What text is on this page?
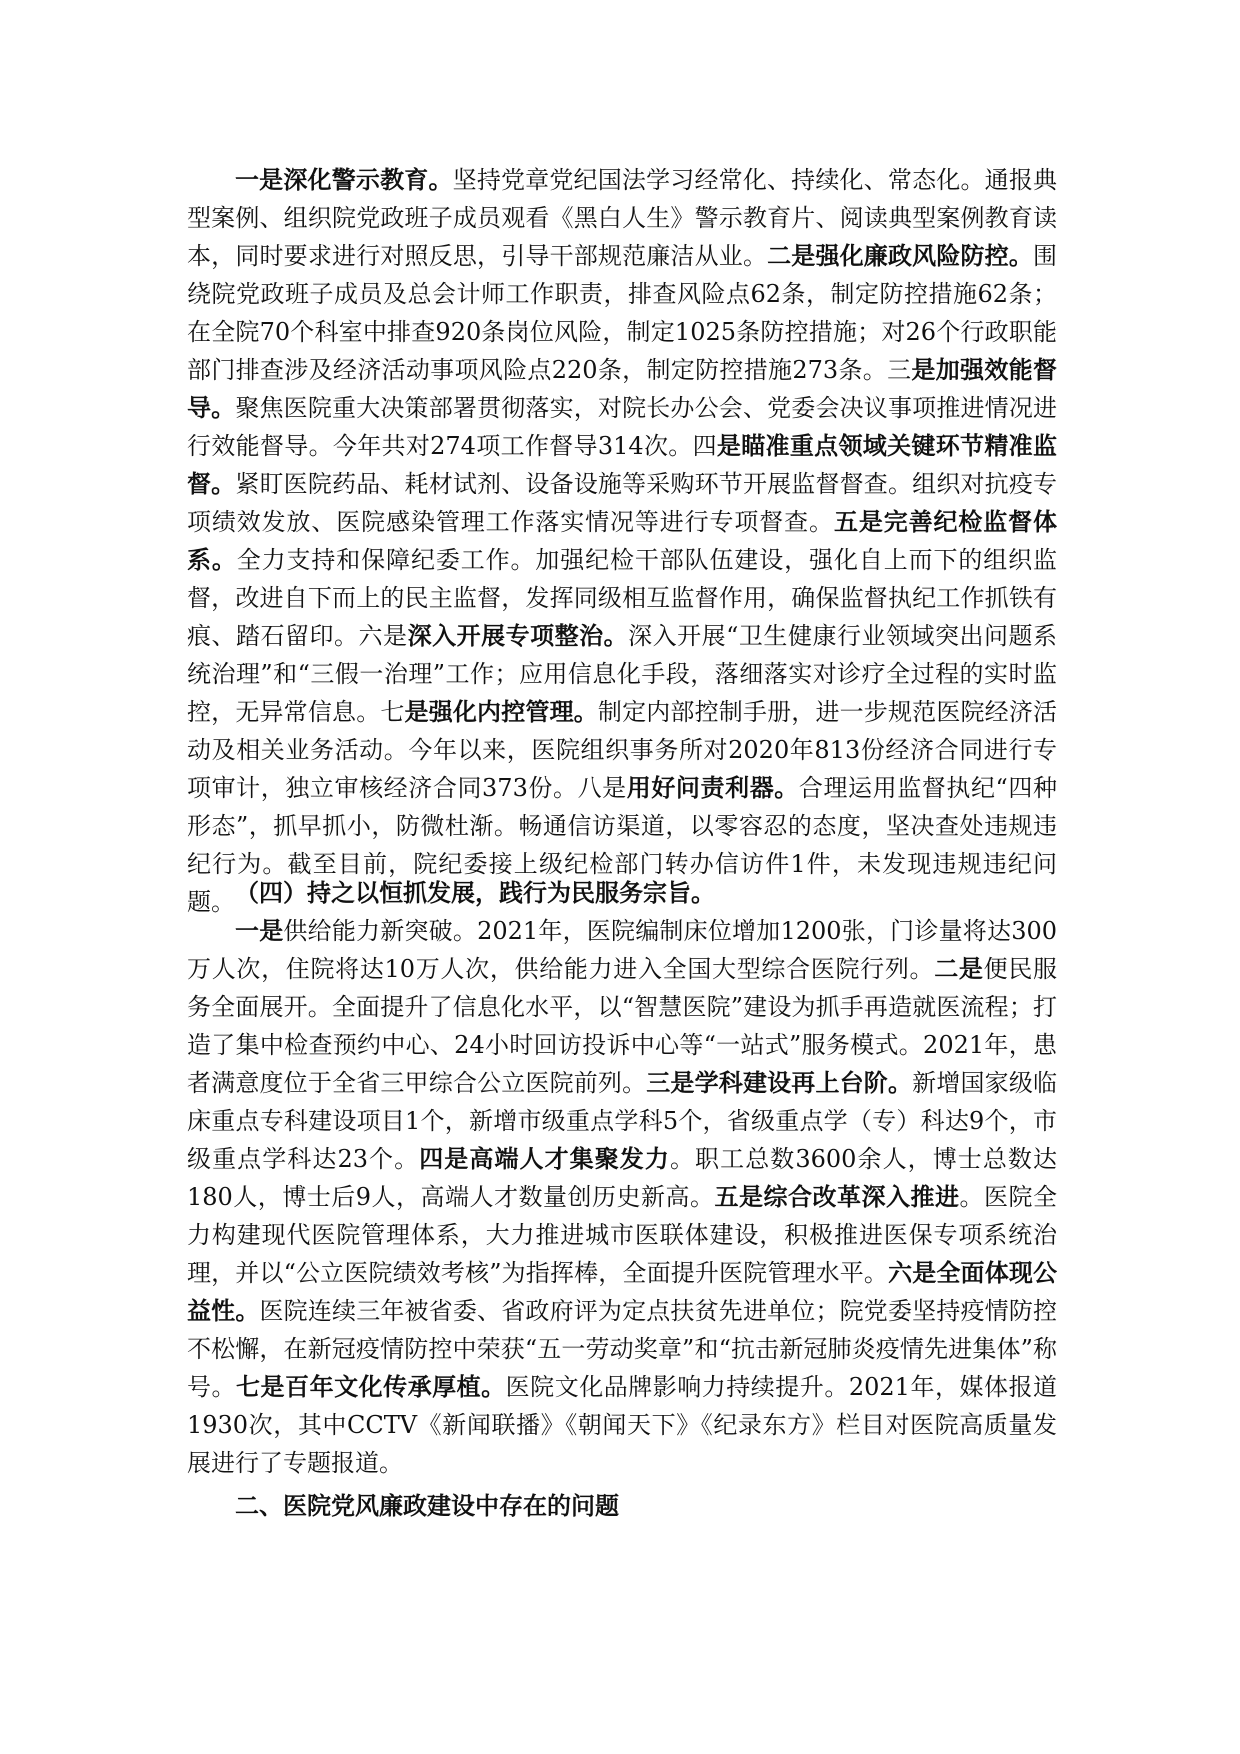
一是深化警示教育。坚持党章党纪国法学习经常化、持续化、常态化。通报典型案例、组织院党政班子成员观看《黑白人生》警示教育片、阅读典型案例教育读本，同时要求进行对照反思，引导干部规范廉洁从业。二是强化廉政风险防控。围绕院党政班子成员及总会计师工作职责，排查风险点62条，制定防控措施62条；在全院70个科室中排查920条岗位风险，制定1025条防控措施；对26个行政职能部门排查涉及经济活动事项风险点220条，制定防控措施273条。三是加强效能督导。聚焦医院重大决策部署贯彻落实，对院长办公会、党委会决议事项推进情况进行效能督导。今年共对274项工作督导314次。四是瞄准重点领域关键环节精准监督。紧盯医院药品、耗材试剂、设备设施等采购环节开展监督督查。组织对抗疫专项绩效发放、医院感染管理工作落实情况等进行专项督查。五是完善纪检监督体系。全力支持和保障纪委工作。加强纪检干部队伍建设，强化自上而下的组织监督，改进自下而上的民主监督，发挥同级相互监督作用，确保监督执纪工作抓铁有痕、踏石留印。六是深入开展专项整治。深入开展“卫生健康行业领域突出问题系统治理”和“三假一治理”工作；应用信息化手段，落细落实对诊疗全过程的实时监控，无异常信息。七是强化内控管理。制定内部控制手册，进一步规范医院经济活动及相关业务活动。今年以来，医院组织事务所对2020年813份经济合同进行专项审计，独立审核经济合同373份。八是用好问责利器。合理运用监督执纪“四种形态”，抓早抓小，防微杜渐。畅通信访渠道，以零容忍的态度，坚决查处违规违纪行为。截至目前，院纪委接上级纪检部门转办信访件1件，未发现违规违纪问题。 （四）持之以恒抓发展，践行为民服务宗旨。

一是供给能力新突破。2021年，医院编制床位增加1200张，门诊量将达300万人次，住院将达10万人次，供给能力进入全国大型综合医院行列。二是便民服务全面展开。全面提升了信息化水平，以“智慧医院”建设为抓手再造就医流程；打造了集中检查预约中心、24小时回访投诉中心等“一站式”服务模式。2021年，患者满意度位于全省三甲综合公立医院前列。三是学科建设再上台阶。新增国家级临床重点专科建设项目1个，新增市级重点学科5个，省级重点学（专）科达9个，市级重点学科达23个。四是高端人才集聚发力。职工总数3600余人，博士总数达180人，博士后9人，高端人才数量创历史新高。五是综合改革深入推进。医院全力构建现代医院管理体系，大力推进城市医联体建设，积极推进医保专项系统治理，并以“公立医院绩效考核”为指挥棒，全面提升医院管理水平。六是全面体现公益性。医院连续三年被省委、省政府评为定点扶贫先进单位；院党委坚持疫情防控不松懈，在新冠疫情防控中荣获“五一劳动奖章”和“抗击新冠肺炎疫情先进集体”称号。七是百年文化传承厚植。医院文化品牌影响力持续提升。2021年，媒体报道1930次，其中CCTV《新闻联播》《朝闻天下》《纪录东方》栏目对医院高质量发展进行了专题报道。

二、医院党风廉政建设中存在的问题
